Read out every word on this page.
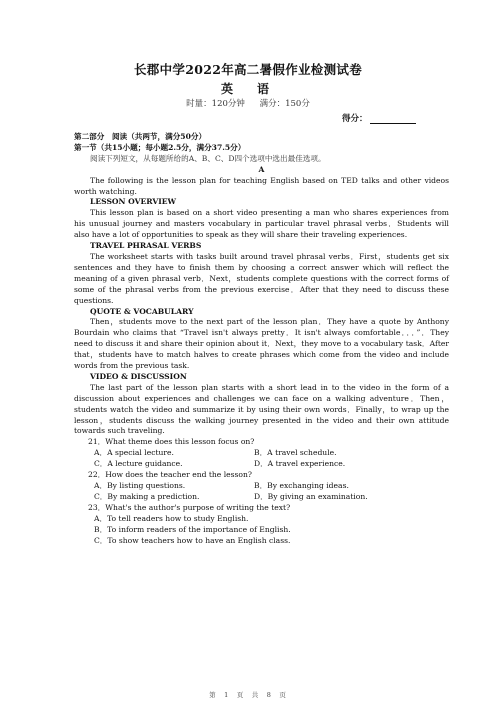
长郡中学2022年高二暑假作业检测试卷
英　语
时量：120分钟 满分：150分
得分：

第二部分　阅读（共两节，满分50分）

第一节（共15小题；每小题2.5分，满分37.5分）

阅读下列短文，从每题所给的A、B、C、D四个选项中选出最佳选项。

A

The following is the lesson plan for teaching English based on TED talks and other videos worth watching.

LESSON OVERVIEW

This lesson plan is based on a short video presenting a man who shares experiences from his unusual journey and masters vocabulary in particular travel phrasal verbs．Students will also have a lot of opportunities to speak as they will share their traveling experiences.

TRAVEL PHRASAL VERBS

The worksheet starts with tasks built around travel phrasal verbs．First，students get six sentences and they have to finish them by choosing a correct answer which will reflect the meaning of a given phrasal verb．Next，students complete questions with the correct forms of some of the phrasal verbs from the previous exercise．After that they need to discuss these questions.

QUOTE & VOCABULARY

Then，students move to the next part of the lesson plan．They have a quote by Anthony Bourdain who claims that “Travel isn't always pretty．It isn't always comfortable．．．”．They need to discuss it and share their opinion about it．Next，they move to a vocabulary task．After that，students have to match halves to create phrases which come from the video and include words from the previous task.

VIDEO & DISCUSSION

The last part of the lesson plan starts with a short lead in to the video in the form of a discussion about experiences and challenges we can face on a walking adventure．Then，students watch the video and summarize it by using their own words．Finally，to wrap up the lesson，students discuss the walking journey presented in the video and their own attitude towards such traveling.

21．What theme does this lesson focus on?

A．A special lecture.	B．A travel schedule.
C．A lecture guidance.	D．A travel experience.

22．How does the teacher end the lesson?

A．By listing questions.	B．By exchanging ideas.
C．By making a prediction.	D．By giving an examination.

23．What's the author's purpose of writing the text?

A．To tell readers how to study English.

B．To inform readers of the importance of English.

C．To show teachers how to have an English class.

第　1　页　共　8　页
